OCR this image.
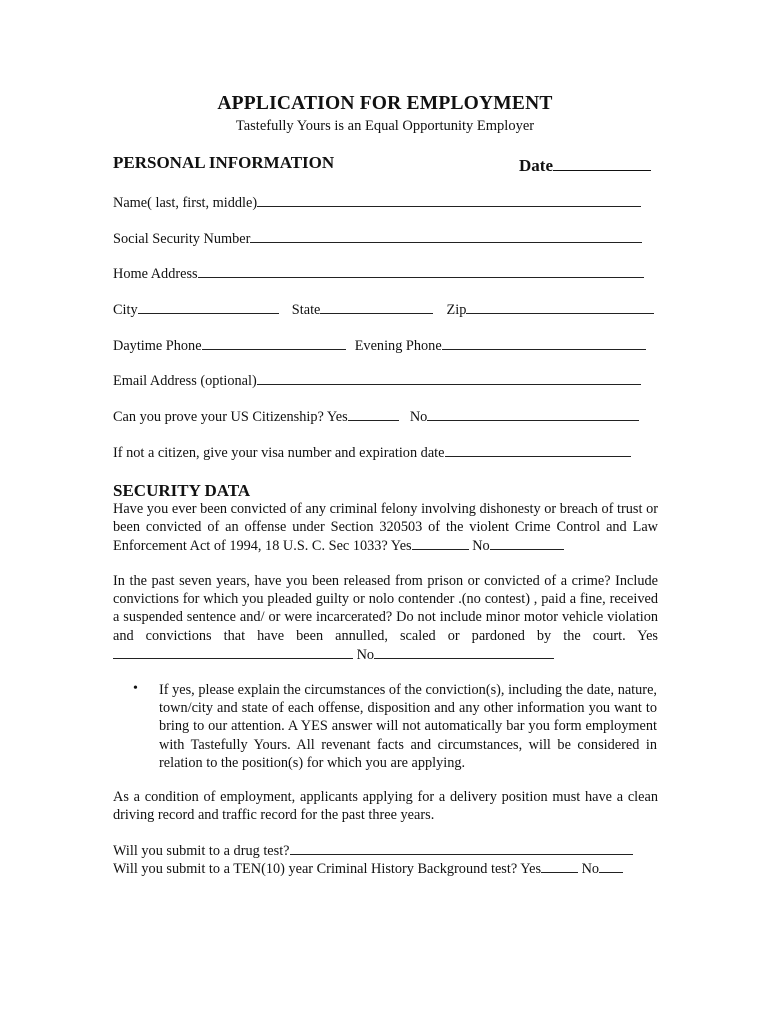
APPLICATION FOR EMPLOYMENT

Tastefully Yours is an Equal Opportunity Employer

PERSONAL INFORMATION	Date
Name( last, first, middle)
Social Security Number
Home Address
City	State	Zip
Daytime Phone	Evening Phone
Email Address (optional)
Can you prove your US Citizenship? Yes	No
If not a citizen, give your visa number and expiration date
SECURITY DATA

Have you ever been convicted of any criminal felony involving dishonesty or breach of trust or been convicted of an offense under Section 320503 of the violent Crime Control and Law Enforcement Act of 1994, 18 U.S. C. Sec 1033? Yes	No

In the past seven years, have you been released from prison or convicted of a crime? Include convictions for which you pleaded guilty or nolo contender .(no contest) , paid a fine, received a suspended sentence and/ or were incarcerated? Do not include minor motor vehicle violation and convictions that have been annulled, scaled or pardoned by the court. Yes No

• If yes, please explain the circumstances of the conviction(s), including the date, nature, town/city and state of each offense, disposition and any other information you want to bring to our attention. A YES answer will not automatically bar you form employment with Tastefully Yours. All revenant facts and circumstances, will be considered in relation to the position(s) for which you are applying.

As a condition of employment, applicants applying for a delivery position must have a clean driving record and traffic record for the past three years.

Will you submit to a drug test?
Will you submit to a TEN(10) year Criminal History Background test? Yes	No
